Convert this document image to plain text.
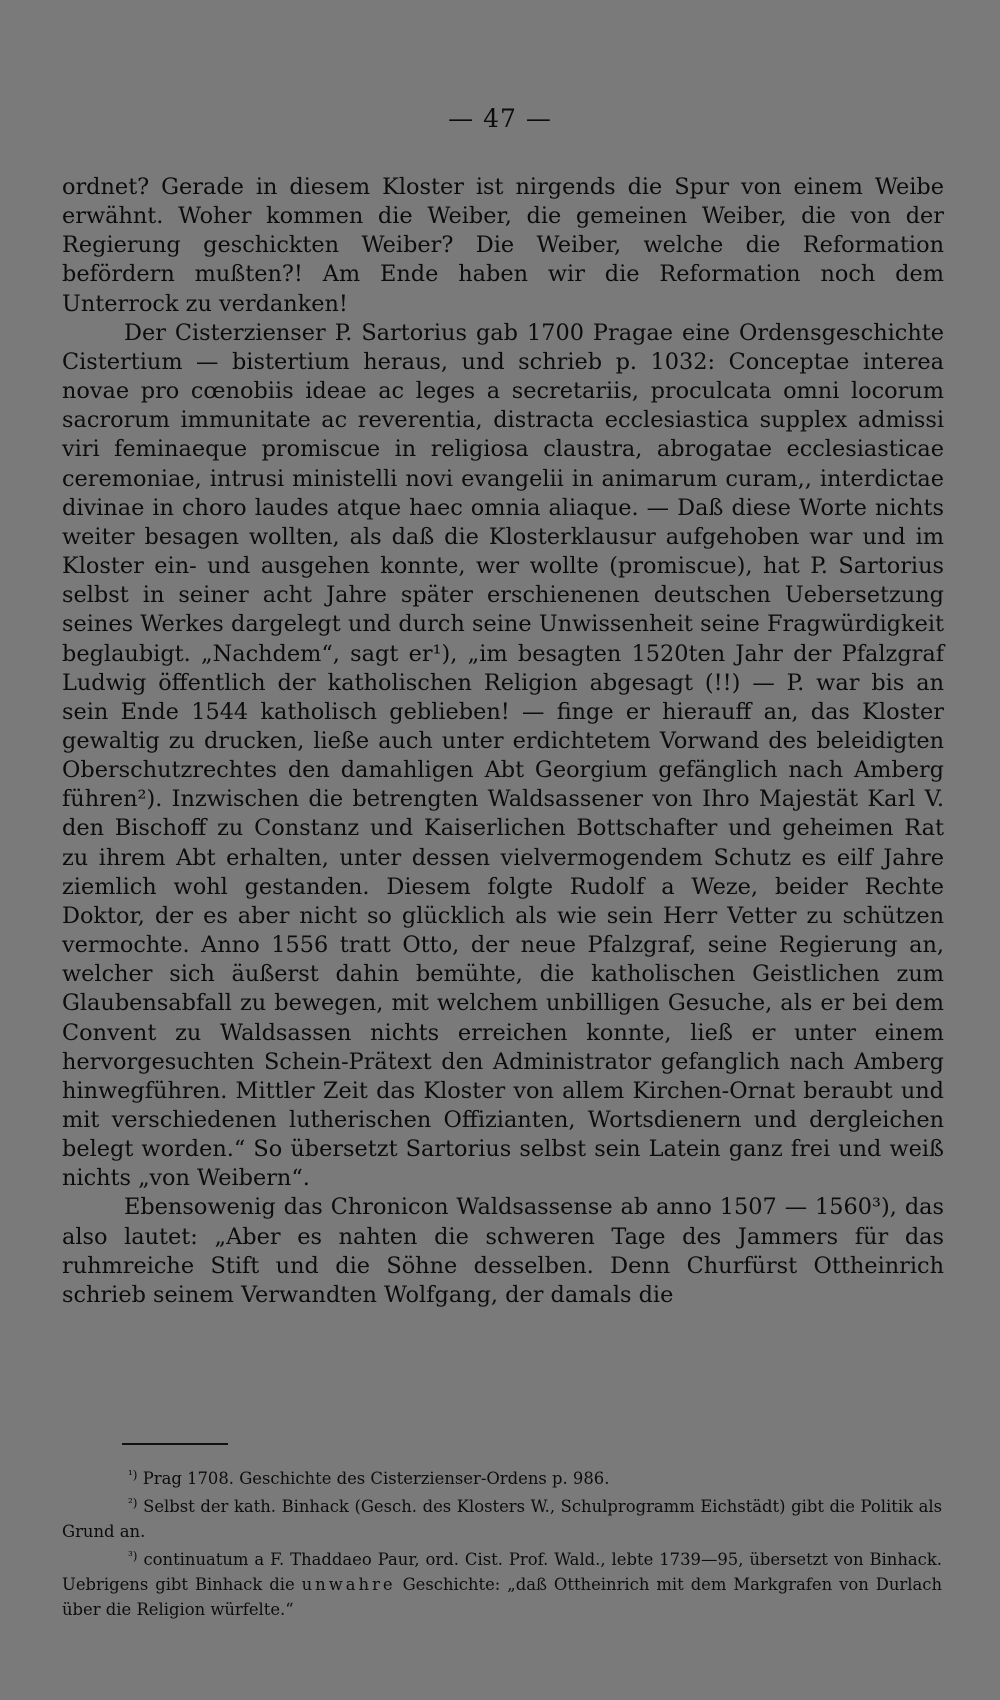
— 47 —

ordnet? Gerade in diesem Kloster ist nirgends die Spur von einem Weibe erwähnt. Woher kommen die Weiber, die gemeinen Weiber, die von der Regierung geschickten Weiber? Die Weiber, welche die Reformation befördern mußten?! Am Ende haben wir die Reformation noch dem Unterrock zu verdanken!

Der Cisterzienser P. Sartorius gab 1700 Pragae eine Ordensgeschichte Cistertium — bistertium heraus, und schrieb p. 1032: Conceptae interea novae pro cœnobiis ideae ac leges a secretariis, proculcata omni locorum sacrorum immunitate ac reverentia, distracta ecclesiastica supplex admissi viri feminaeque promiscue in religiosa claustra, abrogatae ecclesiasticae ceremoniae, intrusi ministelli novi evangelii in animarum curam,, interdictae divinae in choro laudes atque haec omnia aliaque. — Daß diese Worte nichts weiter besagen wollten, als daß die Klosterklausur aufgehoben war und im Kloster ein- und ausgehen konnte, wer wollte (promiscue), hat P. Sartorius selbst in seiner acht Jahre später erschienenen deutschen Uebersetzung seines Werkes dargelegt und durch seine Unwissenheit seine Fragwürdigkeit beglaubigt. „Nachdem“, sagt er¹), „im besagten 1520ten Jahr der Pfalzgraf Ludwig öffentlich der katholischen Religion abgesagt (!!) — P. war bis an sein Ende 1544 katholisch geblieben! — finge er hierauff an, das Kloster gewaltig zu drucken, ließe auch unter erdichtetem Vorwand des beleidigten Oberschutzrechtes den damahligen Abt Georgium gefänglich nach Amberg führen²). Inzwischen die betrengten Waldsassener von Ihro Majestät Karl V. den Bischoff zu Constanz und Kaiserlichen Bottschafter und geheimen Rat zu ihrem Abt erhalten, unter dessen vielvermogendem Schutz es eilf Jahre ziemlich wohl gestanden. Diesem folgte Rudolf a Weze, beider Rechte Doktor, der es aber nicht so glücklich als wie sein Herr Vetter zu schützen vermochte. Anno 1556 tratt Otto, der neue Pfalzgraf, seine Regierung an, welcher sich äußerst dahin bemühte, die katholischen Geistlichen zum Glaubensabfall zu bewegen, mit welchem unbilligen Gesuche, als er bei dem Convent zu Waldsassen nichts erreichen konnte, ließ er unter einem hervorgesuchten Schein-Prätext den Administrator gefanglich nach Amberg hinwegführen. Mittler Zeit das Kloster von allem Kirchen-Ornat beraubt und mit verschiedenen lutherischen Offizianten, Wortsdienern und dergleichen belegt worden.“ So übersetzt Sartorius selbst sein Latein ganz frei und weiß nichts „von Weibern“.

Ebensowenig das Chronicon Waldsassense ab anno 1507 — 1560³), das also lautet: „Aber es nahten die schweren Tage des Jammers für das ruhmreiche Stift und die Söhne desselben. Denn Churfürst Ottheinrich schrieb seinem Verwandten Wolfgang, der damals die

$^{^1)}$ Prag 1708. Geschichte des Cisterzienser-Ordens p. 986.

$^{^2)}$ Selbst der kath. Binhack (Gesch. des Klosters W., Schulprogramm Eichstädt) gibt die Politik als Grund an.

$^{^3)}$ continuatum a F. Thaddaeo Paur, ord. Cist. Prof. Wald., lebte 1739—95, übersetzt von Binhack. Uebrigens gibt Binhack die unwahre Geschichte: „daß Ottheinrich mit dem Markgrafen von Durlach über die Religion würfelte.“
